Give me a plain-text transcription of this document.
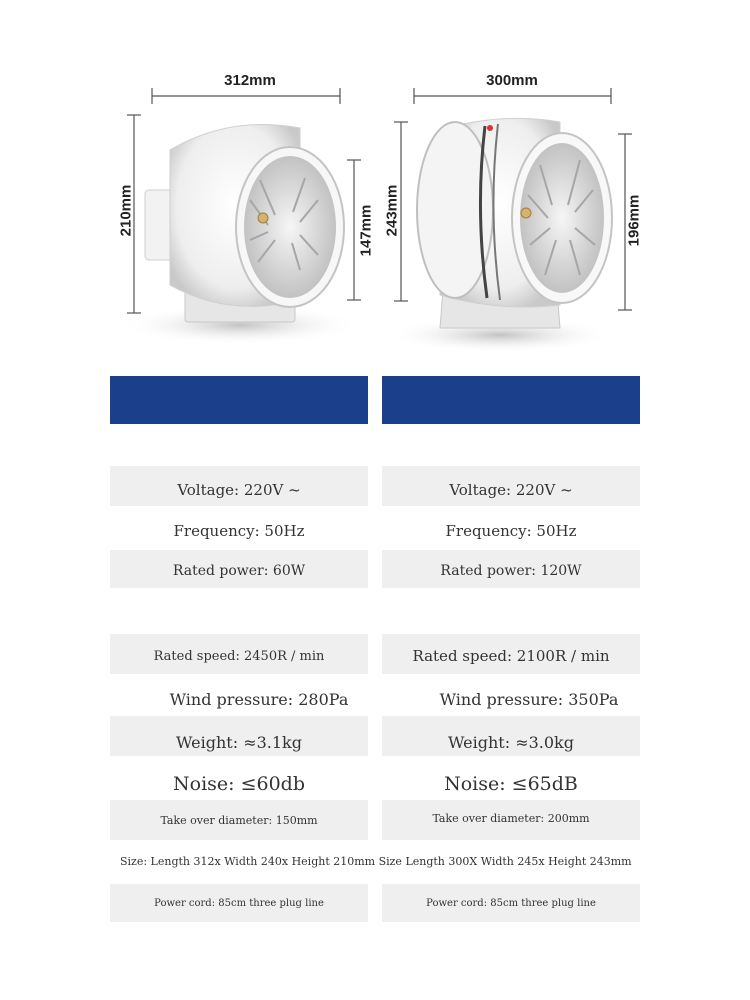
312mm
210mm	147mm
300mm
243mm	196mm
Voltage: 220V ~	Voltage: 220V ~
Frequency: 50Hz	Frequency: 50Hz
Rated power: 60W	Rated power: 120W
Rated speed: 2450R / min	Rated speed: 2100R / min
Wind pressure: 280Pa	Wind pressure: 350Pa
Weight: ≈3.1kg	Weight: ≈3.0kg
Noise: ≤60db	Noise: ≤65dB
Take over diameter: 150mm	Take over diameter: 200mm
Size: Length 312x Width 240x Height 210mm Size Length 300X Width 245x Height 243mm
Power cord: 85cm three plug line	Power cord: 85cm three plug line
